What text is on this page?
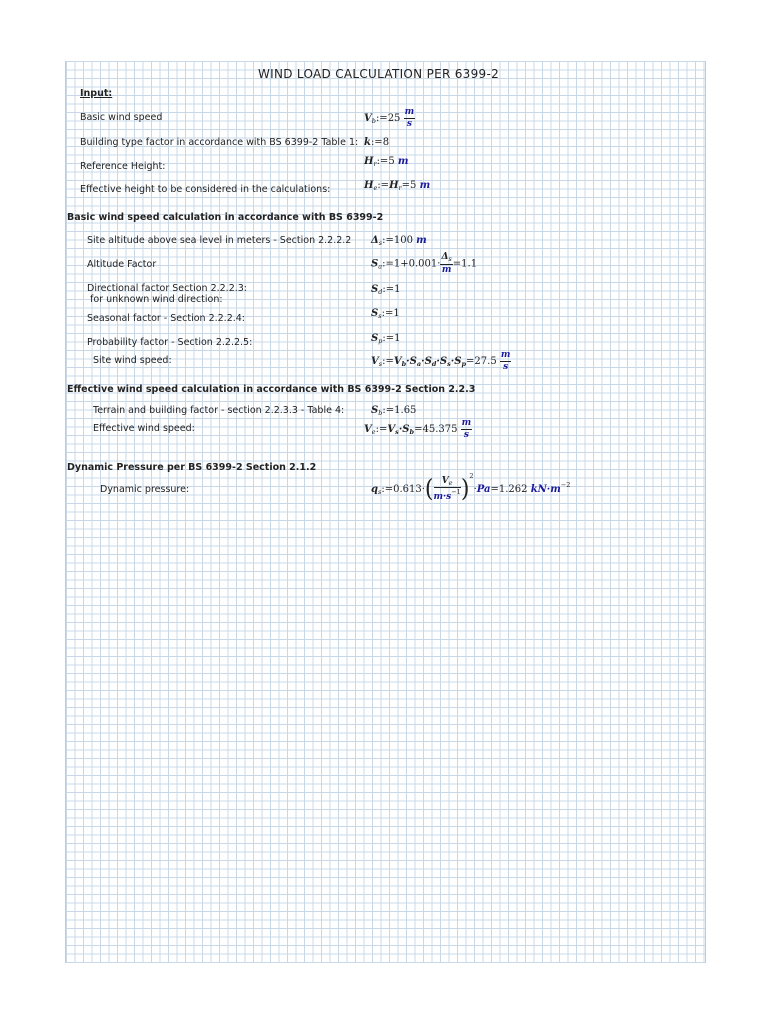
WIND LOAD CALCULATION PER 6399-2
Input:
Basic wind speed	$V_b:=25 \frac{m}{s}$
Building type factor in accordance with BS 6399-2 Table 1: k:=8
Reference Height:	$H_r:=5$ m
Effective height to be considered in the calculations:	$H_e:=H_r=5$ m
Basic wind speed calculation in accordance with BS 6399-2
Site altitude above sea level in meters - Section 2.2.2.2 $\Delta_s:=100$ m
Altitude Factor	$S_a:=1+0.001\cdot \frac{\Delta_s}{m} =1.1$
Directional factor Section 2.2.2.3:
for unknown wind direction:
$S_d:=1$
Seasonal factor - Section 2.2.2.4:	$S_s:=1$
Probability factor - Section 2.2.2.5:	$S_p:=1$
Site wind speed:	$V_s:=V_b\cdot S_a\cdot S_d\cdot S_s\cdot S_p=27.5 \frac{m}{s}$
Effective wind speed calculation in accordance with BS 6399-2 Section 2.2.3
Terrain and building factor - section 2.2.3.3 - Table 4:	$S_b:=1.65$
Effective wind speed:	$V_e:=V_s\cdot S_b=45.375 \frac{m}{s}$
Dynamic Pressure per BS 6399-2 Section 2.1.2
Dynamic pressure:	$q_s:=0.613\cdot( \frac{V_e}{m\cdot s^{-1}} )^2\cdot Pa=1.262$ $kN\cdot m^{-2}$
